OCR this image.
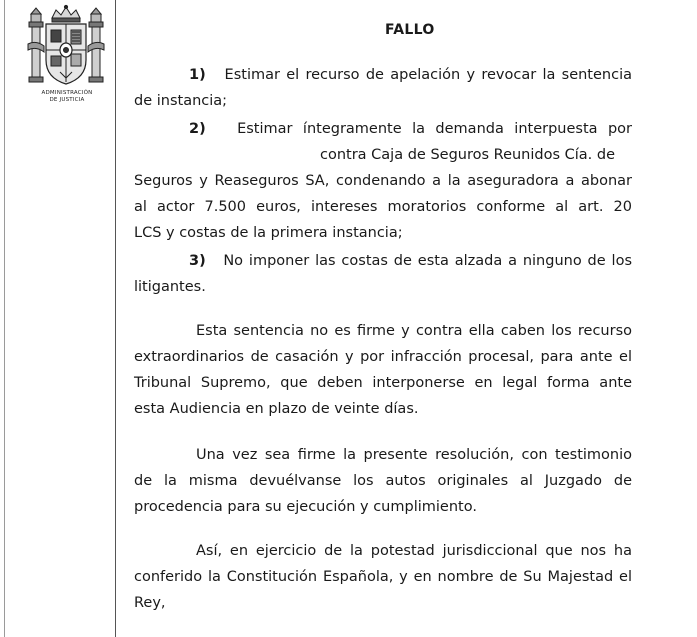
ADMINISTRACIÓN
DE JUSTICIA
FALLO
1) Estimar el recurso de apelación y revocar la sentencia
de instancia;
2) Estimar íntegramente la demanda interpuesta por
contra Caja de Seguros Reunidos Cía. de
Seguros y Reaseguros SA, condenando a la aseguradora a abonar
al actor 7.500 euros, intereses moratorios conforme al art. 20
LCS y costas de la primera instancia;
3) No imponer las costas de esta alzada a ninguno de los
litigantes.
Esta sentencia no es firme y contra ella caben los recurso
extraordinarios de casación y por infracción procesal, para ante el
Tribunal Supremo, que deben interponerse en legal forma ante
esta Audiencia en plazo de veinte días.
Una vez sea firme la presente resolución, con testimonio
de la misma devuélvanse los autos originales al Juzgado de
procedencia para su ejecución y cumplimiento.
Así, en ejercicio de la potestad jurisdiccional que nos ha
conferido la Constitución Española, y en nombre de Su Majestad el
Rey,
